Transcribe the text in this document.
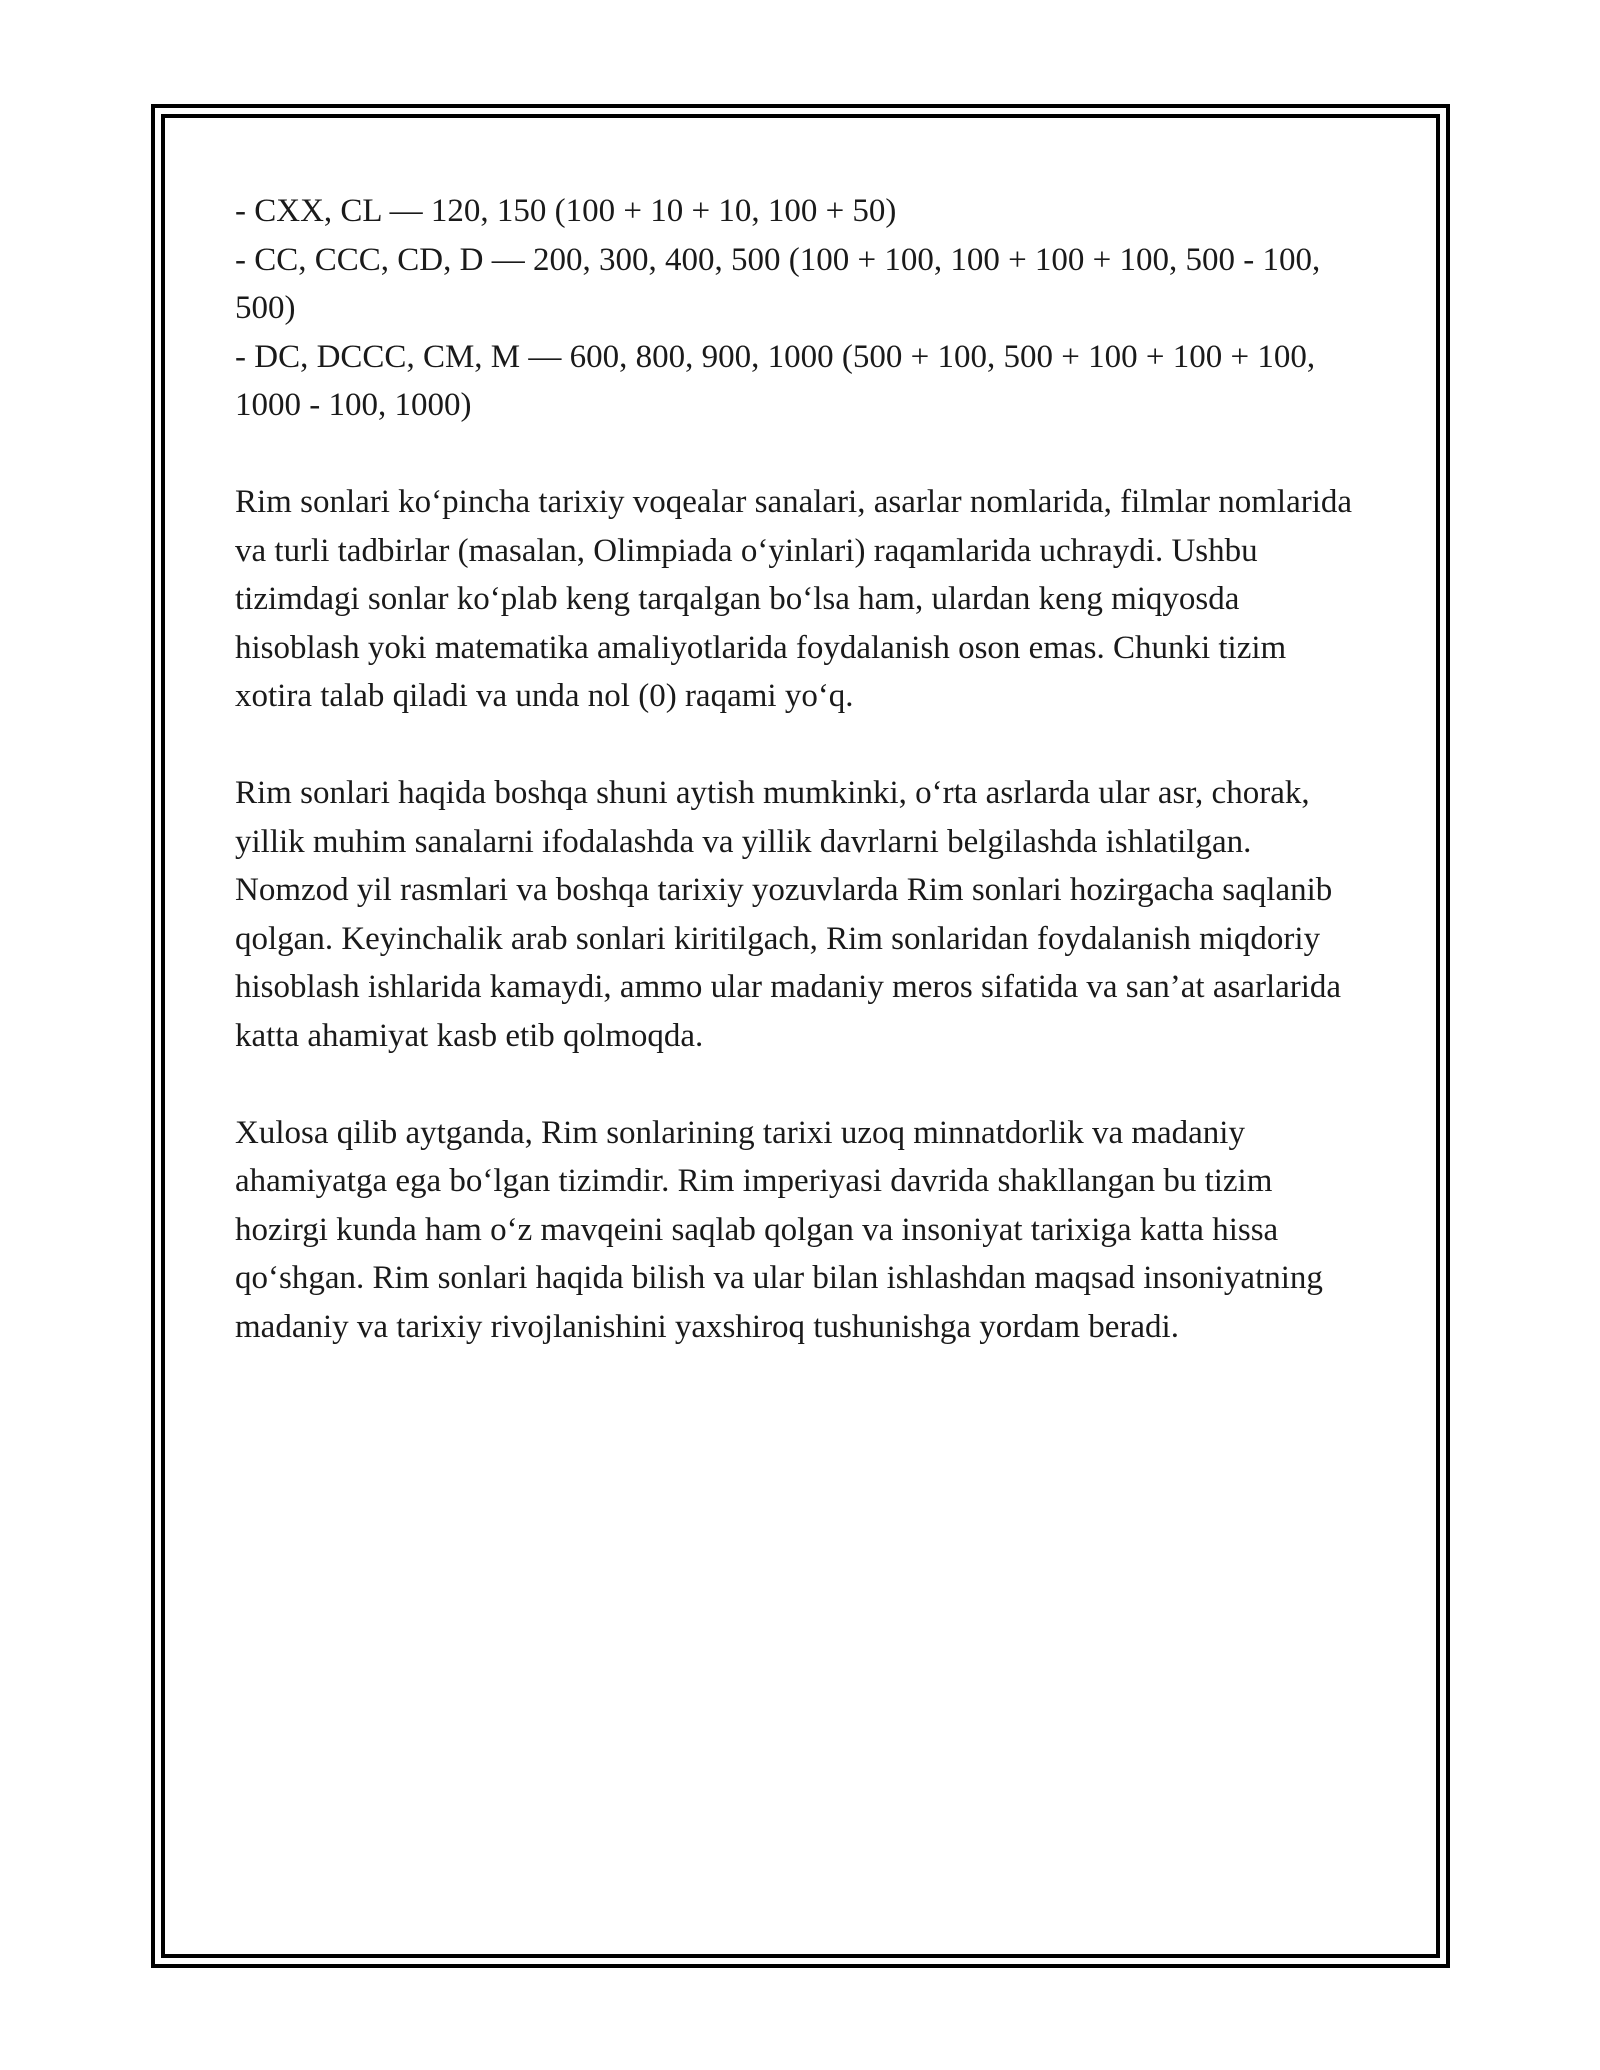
- CXX, CL — 120, 150 (100 + 10 + 10, 100 + 50)

- CC, CCC, CD, D — 200, 300, 400, 500 (100 + 100, 100 + 100 + 100, 500 - 100, 500)

- DC, DCCC, CM, M — 600, 800, 900, 1000 (500 + 100, 500 + 100 + 100 + 100, 1000 - 100, 1000)

Rim sonlari ko‘pincha tarixiy voqealar sanalari, asarlar nomlarida, filmlar nomlarida va turli tadbirlar (masalan, Olimpiada o‘yinlari) raqamlarida uchraydi. Ushbu tizimdagi sonlar ko‘plab keng tarqalgan bo‘lsa ham, ulardan keng miqyosda hisoblash yoki matematika amaliyotlarida foydalanish oson emas. Chunki tizim xotira talab qiladi va unda nol (0) raqami yo‘q.

Rim sonlari haqida boshqa shuni aytish mumkinki, o‘rta asrlarda ular asr, chorak, yillik muhim sanalarni ifodalashda va yillik davrlarni belgilashda ishlatilgan. Nomzod yil rasmlari va boshqa tarixiy yozuvlarda Rim sonlari hozirgacha saqlanib qolgan. Keyinchalik arab sonlari kiritilgach, Rim sonlaridan foydalanish miqdoriy hisoblash ishlarida kamaydi, ammo ular madaniy meros sifatida va san’at asarlarida katta ahamiyat kasb etib qolmoqda.

Xulosa qilib aytganda, Rim sonlarining tarixi uzoq minnatdorlik va madaniy ahamiyatga ega bo‘lgan tizimdir. Rim imperiyasi davrida shakllangan bu tizim hozirgi kunda ham o‘z mavqeini saqlab qolgan va insoniyat tarixiga katta hissa qo‘shgan. Rim sonlari haqida bilish va ular bilan ishlashdan maqsad insoniyatning madaniy va tarixiy rivojlanishini yaxshiroq tushunishga yordam beradi.
